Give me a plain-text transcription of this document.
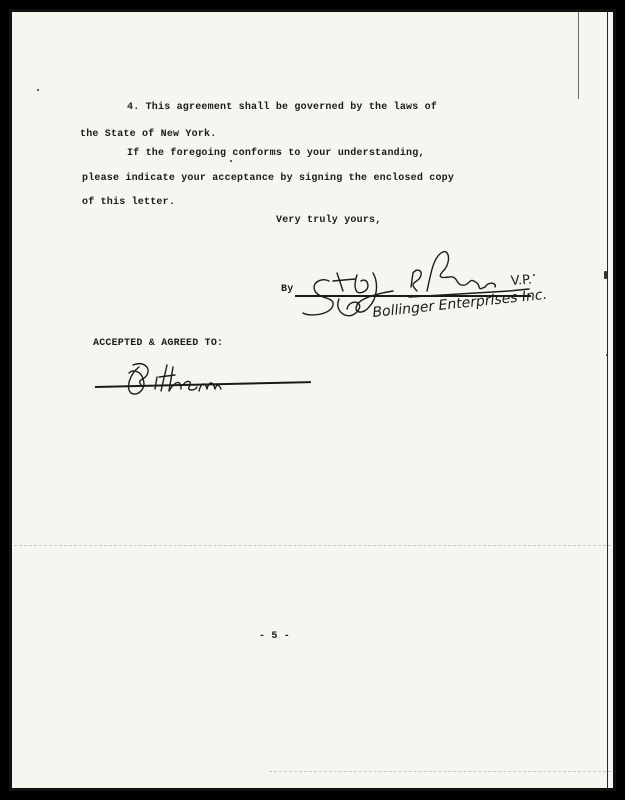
4. This agreement shall be governed by the laws of
the State of New York.
If the foregoing conforms to your understanding,
please indicate your acceptance by signing the enclosed copy
of this letter.
Very truly yours,
By
V.P.
Bollinger Enterprises Inc.
ACCEPTED & AGREED TO:
- 5 -
